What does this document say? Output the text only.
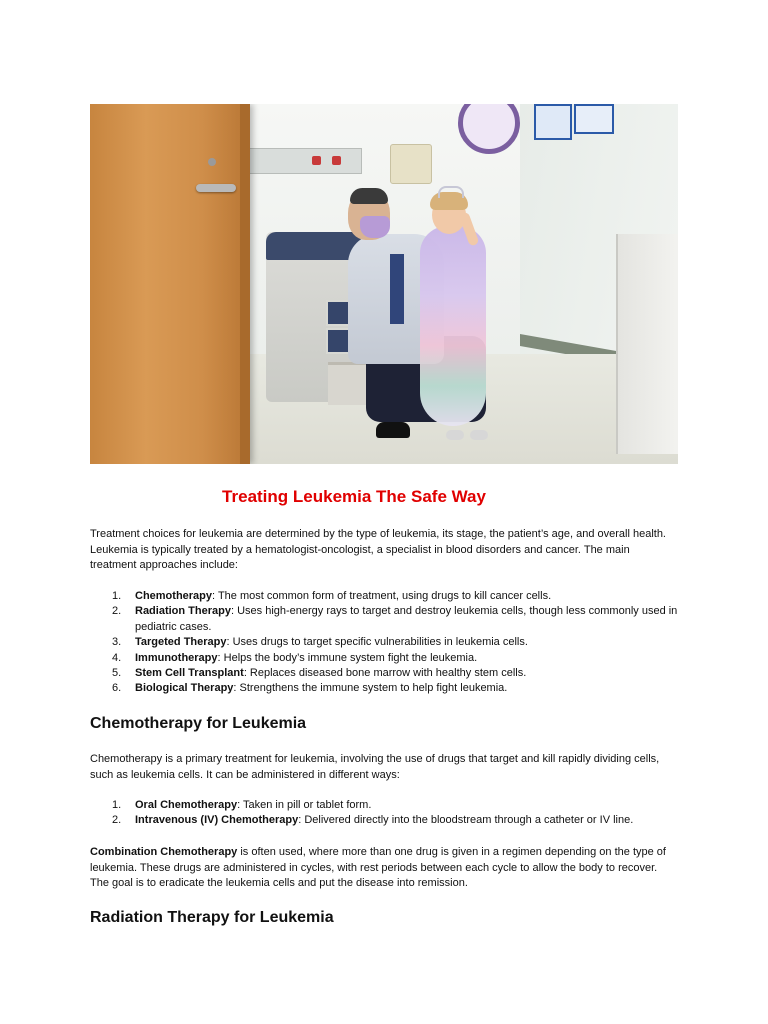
Treating Leukemia The Safe Way

Treatment choices for leukemia are determined by the type of leukemia, its stage, the patient’s age, and overall health. Leukemia is typically treated by a hematologist-oncologist, a specialist in blood disorders and cancer. The main treatment approaches include:

1. Chemotherapy: The most common form of treatment, using drugs to kill cancer cells.
2. Radiation Therapy: Uses high-energy rays to target and destroy leukemia cells, though less commonly used in pediatric cases.
3. Targeted Therapy: Uses drugs to target specific vulnerabilities in leukemia cells.
4. Immunotherapy: Helps the body’s immune system fight the leukemia.
5. Stem Cell Transplant: Replaces diseased bone marrow with healthy stem cells.
6. Biological Therapy: Strengthens the immune system to help fight leukemia.
Chemotherapy for Leukemia

Chemotherapy is a primary treatment for leukemia, involving the use of drugs that target and kill rapidly dividing cells, such as leukemia cells. It can be administered in different ways:

1. Oral Chemotherapy: Taken in pill or tablet form.
2. Intravenous (IV) Chemotherapy: Delivered directly into the bloodstream through a catheter or IV line.

Combination Chemotherapy is often used, where more than one drug is given in a regimen depending on the type of leukemia. These drugs are administered in cycles, with rest periods between each cycle to allow the body to recover. The goal is to eradicate the leukemia cells and put the disease into remission.

Radiation Therapy for Leukemia
